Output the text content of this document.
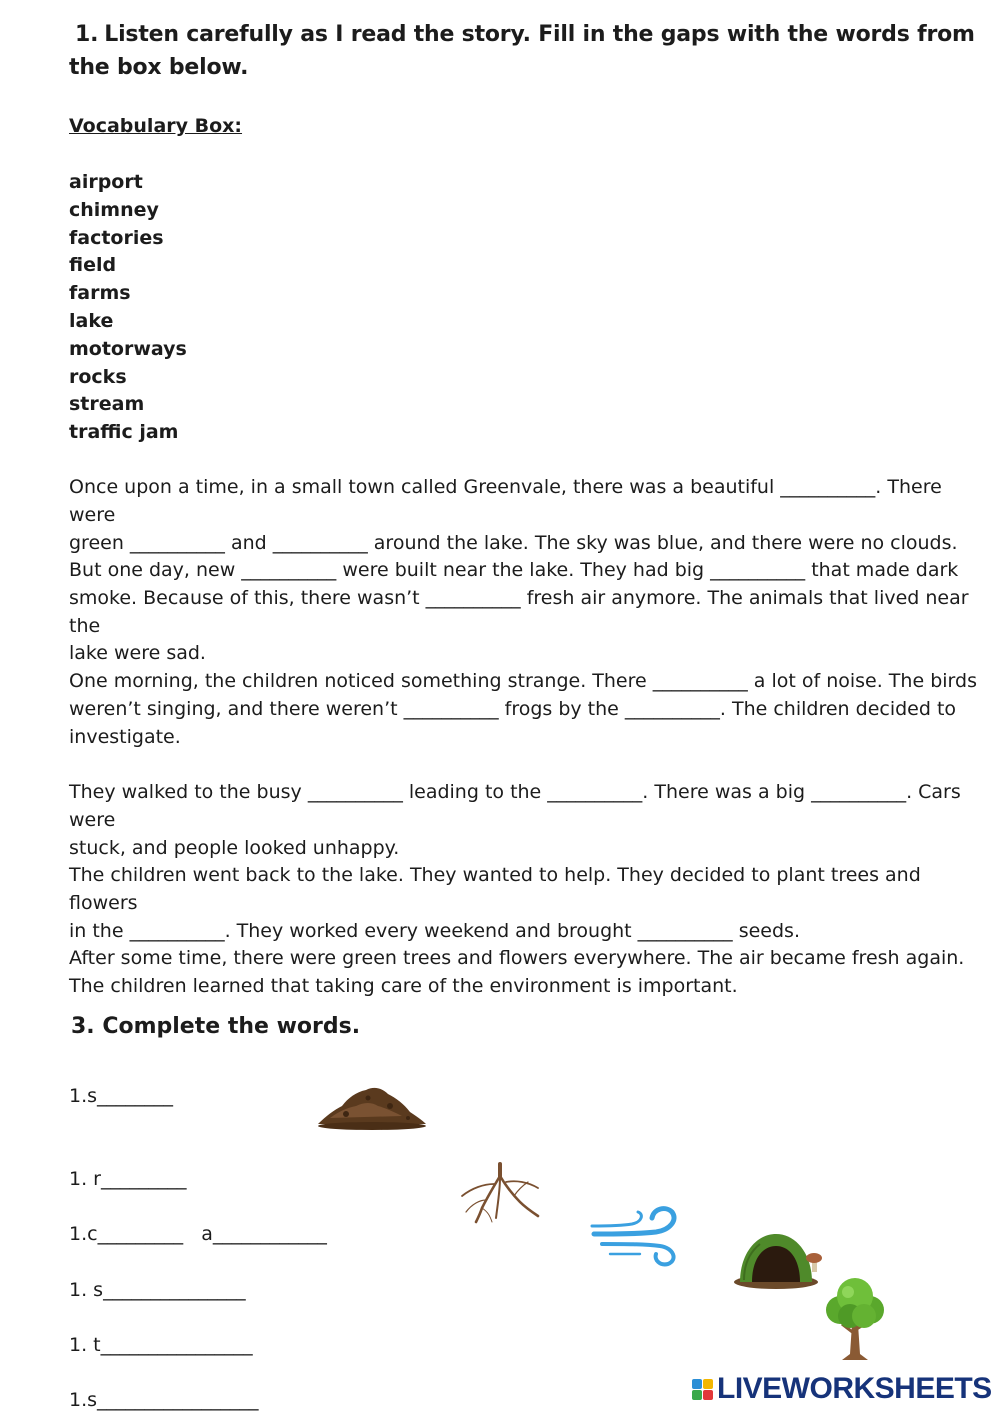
1. Listen carefully as I read the story. Fill in the gaps with the words from the box below.
Vocabulary Box:
airport
chimney
factories
field
farms
lake
motorways
rocks
stream
traffic jam

Once upon a time, in a small town called Greenvale, there was a beautiful __________. There were

green __________ and __________ around the lake. The sky was blue, and there were no clouds.

But one day, new __________ were built near the lake. They had big __________ that made dark

smoke. Because of this, there wasn’t __________ fresh air anymore. The animals that lived near the

lake were sad.

One morning, the children noticed something strange. There __________ a lot of noise. The birds

weren’t singing, and there weren’t __________ frogs by the __________. The children decided to

investigate.

They walked to the busy __________ leading to the __________. There was a big __________. Cars were

stuck, and people looked unhappy.

The children went back to the lake. They wanted to help. They decided to plant trees and flowers

in the __________. They worked every weekend and brought __________ seeds.

After some time, there were green trees and flowers everywhere. The air became fresh again.

The children learned that taking care of the environment is important.

3. Complete the words.
1.s________
1. r_________
1.c_________   a____________
1. s_______________
1. t________________
1.s_________________	LIVEWORKSHEETS
